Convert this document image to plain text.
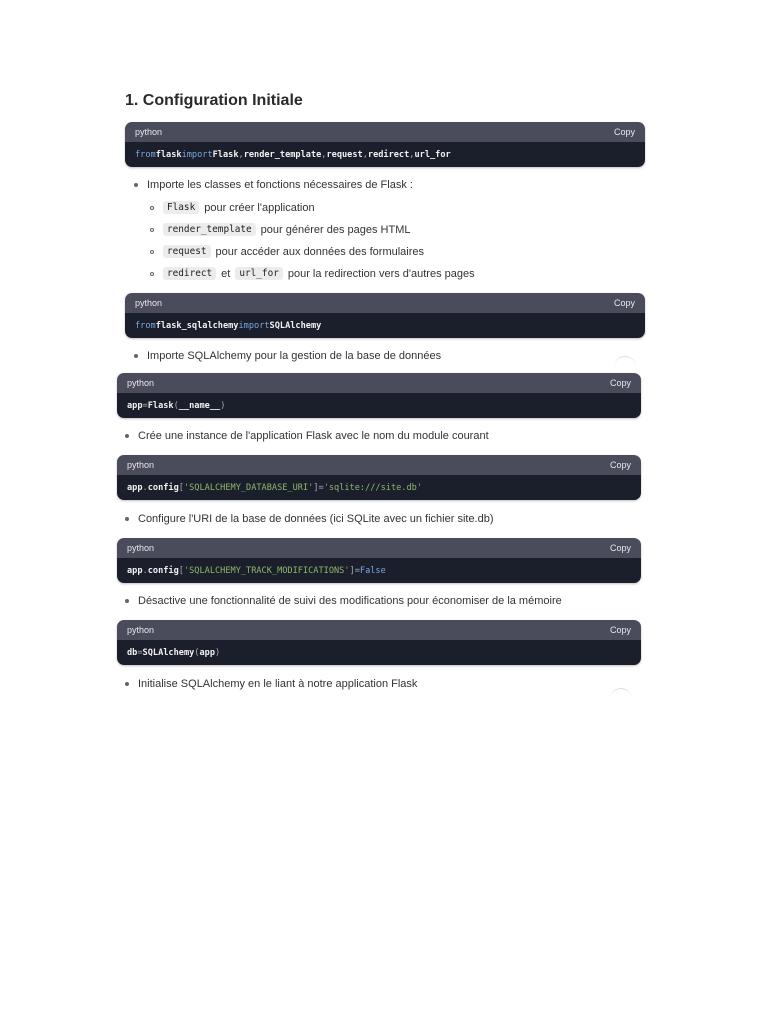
1. Configuration Initiale
python	Copy
from flask import Flask , render_template , request , redirect , url_for
Importe les classes et fonctions nécessaires de Flask :
Flask pour créer l'application
render_template pour générer des pages HTML
request pour accéder aux données des formulaires
redirect et url_for pour la redirection vers d'autres pages
python	Copy
from flask_sqlalchemy import SQLAlchemy
Importe SQLAlchemy pour la gestion de la base de données
python	Copy
app = Flask ( __name__ )
Crée une instance de l'application Flask avec le nom du module courant
python	Copy
app . config [ 'SQLALCHEMY_DATABASE_URI' ] = 'sqlite:///site.db'
Configure l'URI de la base de données (ici SQLite avec un fichier site.db)
python	Copy
app . config [ 'SQLALCHEMY_TRACK_MODIFICATIONS' ] = False
Désactive une fonctionnalité de suivi des modifications pour économiser de la mémoire
python	Copy
db = SQLAlchemy ( app )
Initialise SQLAlchemy en le liant à notre application Flask
